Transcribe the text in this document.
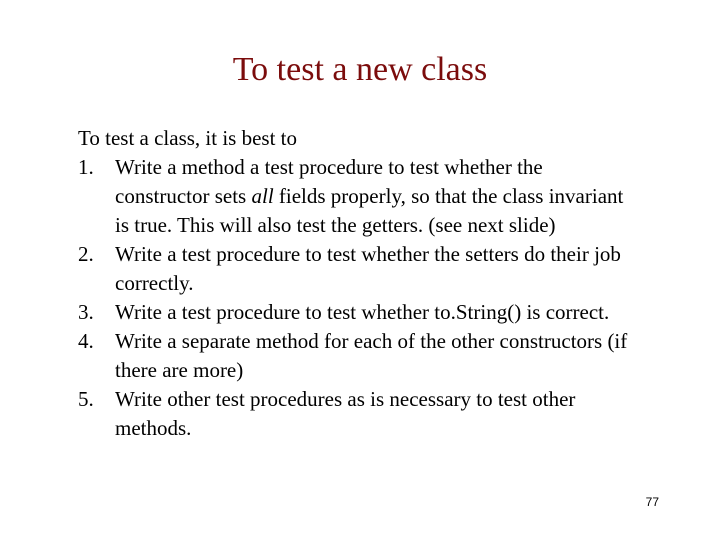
To test a new class

To test a class, it is best to

1. Write a method a test procedure to test whether the constructor sets all fields properly, so that the class invariant is true. This will also test the getters. (see next slide)
2. Write a test procedure to test whether the setters do their job correctly.
3. Write a test procedure to test whether to.String() is correct.
4. Write a separate method for each of the other constructors (if there are more)
5. Write other test procedures as is necessary to test other methods.
77
